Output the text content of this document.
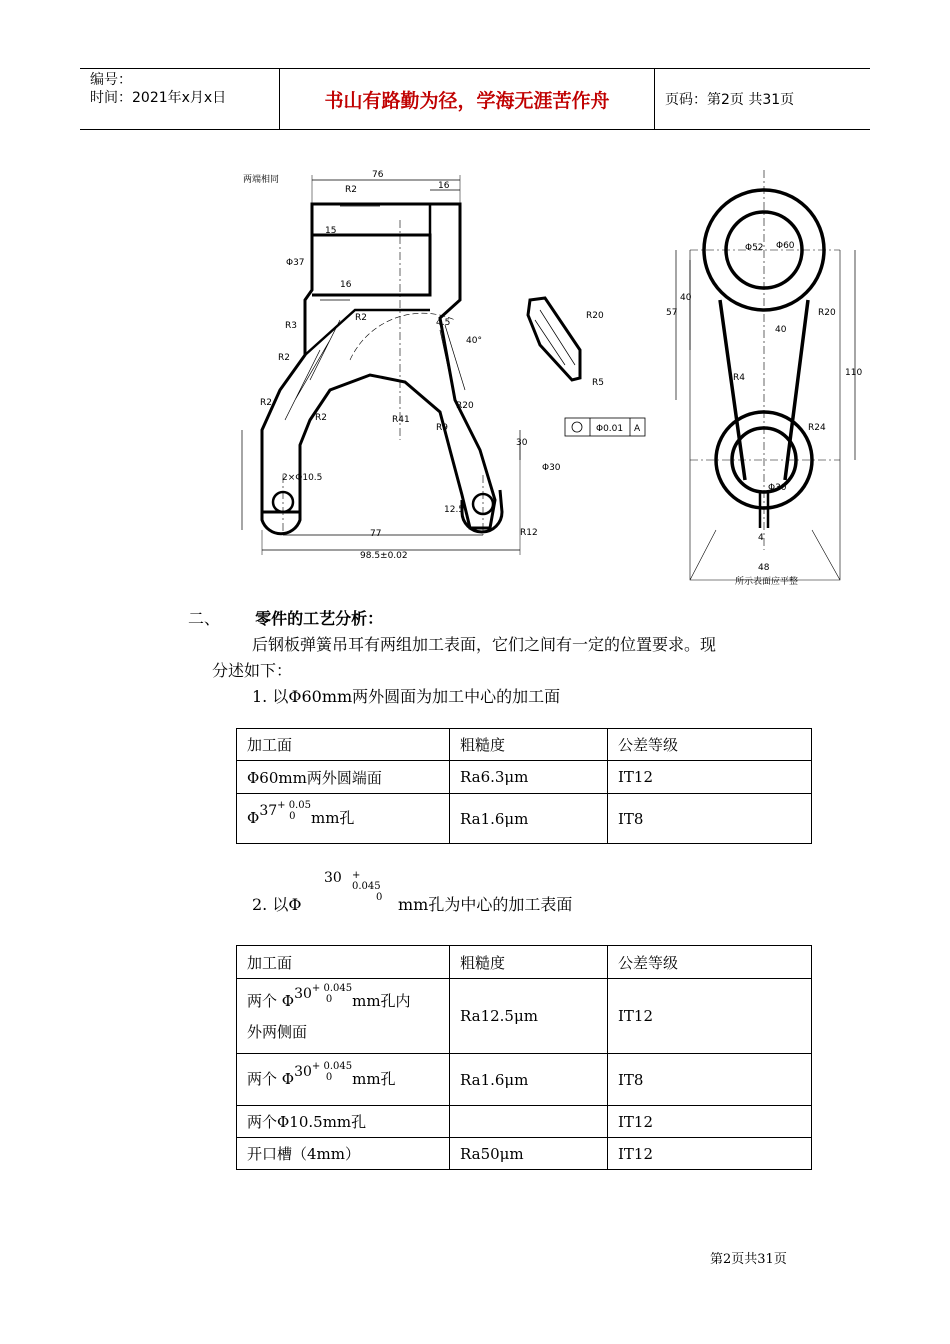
编号：
时间：2021年x月x日	书山有路勤为径，学海无涯苦作舟	页码：第2页 共31页
76
16
R2
15
16
R3
R2
R2
4.5
40°
R20
R41
R9
R2
R2
30
2×Φ10.5
12.5
77
98.5±0.02
Φ0.01 A
R20
R5
R12
Φ37
Φ30
Φ52 Φ60
40
57
110
R20
40
R4
R24
Φ30
4
48
两端相同
所示表面应平整
二、 零件的工艺分析：
后钢板弹簧吊耳有两组加工表面，它们之间有一定的位置要求。现
分述如下：
1. 以Φ60mm两外圆面为加工中心的加工面
加工面	粗糙度	公差等级
Φ60mm两外圆端面	Ra6.3μm	IT12
Φ37+ 0.05
0 mm孔	Ra1.6μm	IT8
2. 以Φ
30 + 0.045
0 mm孔为中心的加工表面
加工面	粗糙度	公差等级
两个 Φ30+ 0.045
0 mm孔内
外两侧面	Ra12.5μm	IT12
两个 Φ30+ 0.045
0 mm孔	Ra1.6μm	IT8
两个Φ10.5mm孔		IT12
开口槽（4mm）	Ra50μm	IT12
第2页共31页
